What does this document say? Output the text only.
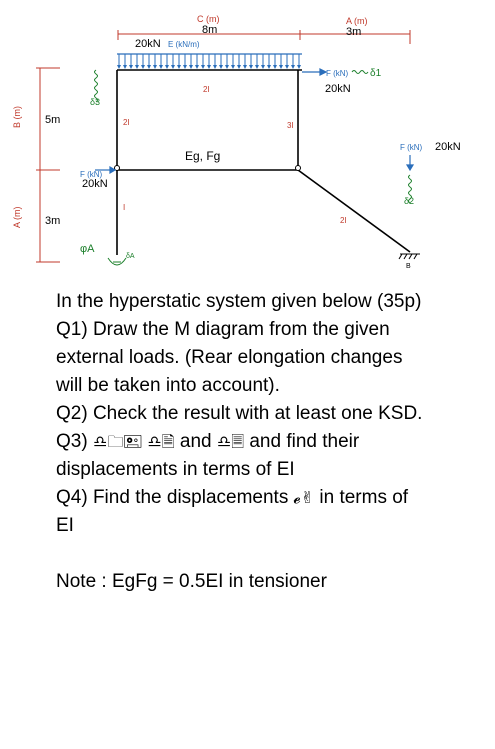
C (m)
8m
A (m)
3m
B (m) 5m
A (m) 3m
20kN E (kN/m)
2I
2I
I
3I
2I
Eg, Fg
F (kN)
20kN
δ1
F (kN)
20kN
F (kN) 20kN
δ2
δ3
φA
δA
B

In the hyperstatic system given below (35p)

Q1) Draw the M diagram from the given external loads. (Rear elongation changes will be taken into account).

Q2) Check the result with at least one KSD.

Q3) ♎🗀🖭 ♎🗎 and ♎🗏 and find their displacements in terms of EI

Q4) Find the displacements 𝓮✌ in terms of EI

Note : EgFg = 0.5EI in tensioner
